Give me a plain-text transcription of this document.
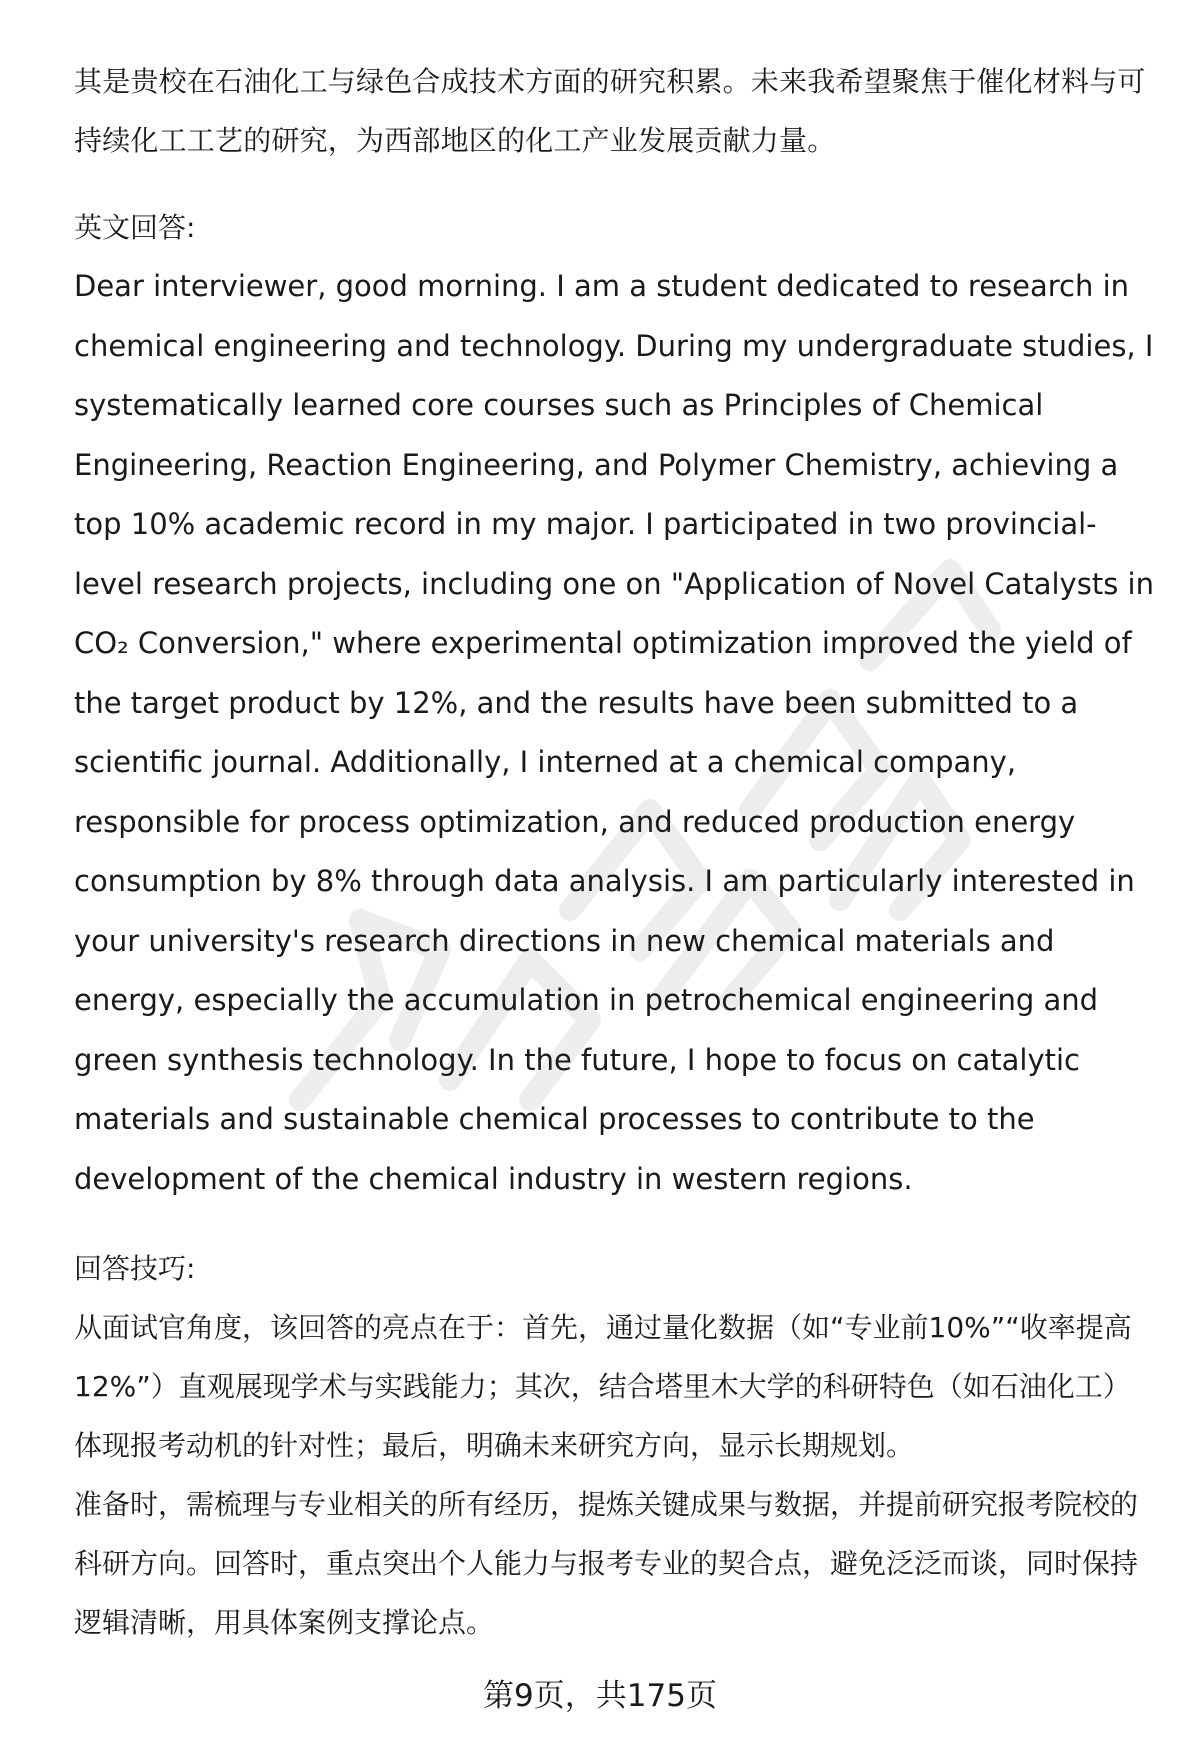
其是贵校在石油化工与绿色合成技术方面的研究积累。未来我希望聚焦于催化材料与可持续化工工艺的研究，为西部地区的化工产业发展贡献力量。

英文回答:

Dear interviewer, good morning. I am a student dedicated to research in chemical engineering and technology. During my undergraduate studies, I systematically learned core courses such as Principles of Chemical Engineering, Reaction Engineering, and Polymer Chemistry, achieving a top 10% academic record in my major. I participated in two provincial-level research projects, including one on "Application of Novel Catalysts in CO₂ Conversion," where experimental optimization improved the yield of the target product by 12%, and the results have been submitted to a scientific journal. Additionally, I interned at a chemical company, responsible for process optimization, and reduced production energy consumption by 8% through data analysis. I am particularly interested in your university's research directions in new chemical materials and energy, especially the accumulation in petrochemical engineering and green synthesis technology. In the future, I hope to focus on catalytic materials and sustainable chemical processes to contribute to the development of the chemical industry in western regions.

回答技巧:

从面试官角度，该回答的亮点在于：首先，通过量化数据（如“专业前10%”“收率提高12%”）直观展现学术与实践能力；其次，结合塔里木大学的科研特色（如石油化工）体现报考动机的针对性；最后，明确未来研究方向，显示长期规划。

准备时，需梳理与专业相关的所有经历，提炼关键成果与数据，并提前研究报考院校的科研方向。回答时，重点突出个人能力与报考专业的契合点，避免泛泛而谈，同时保持逻辑清晰，用具体案例支撑论点。

第9页，共175页
